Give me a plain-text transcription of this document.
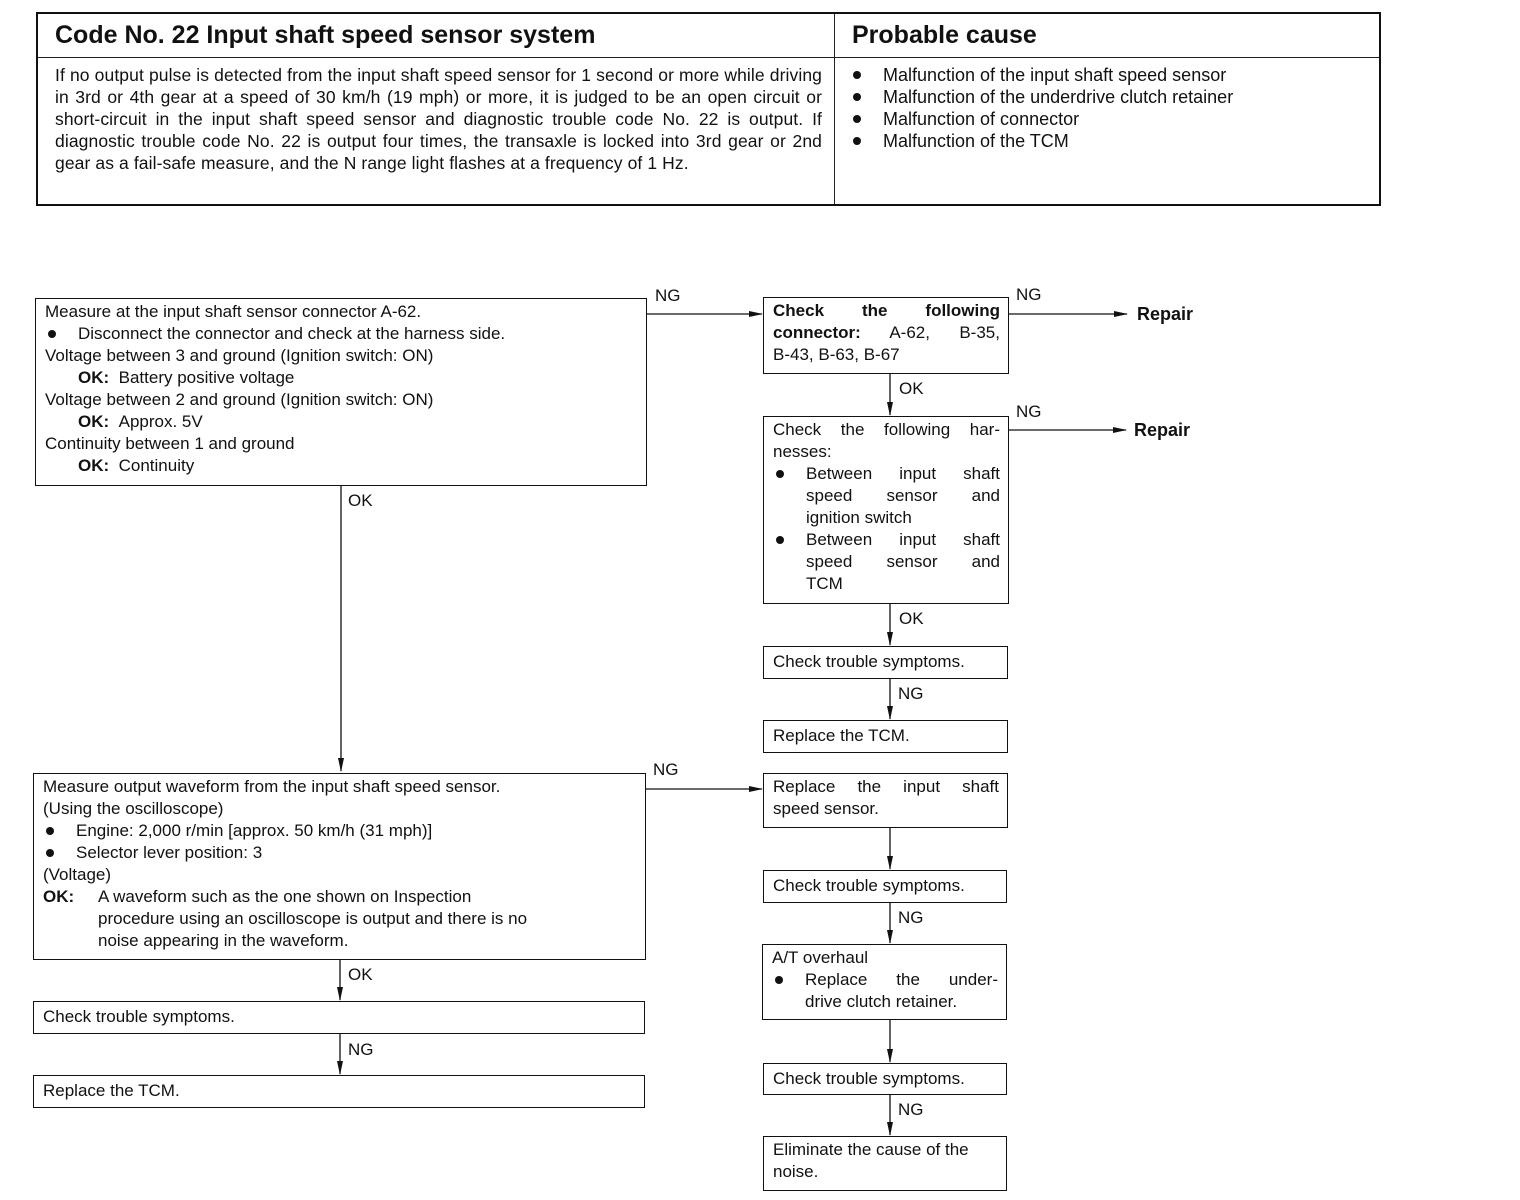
Code No. 22 Input shaft speed sensor system
If no output pulse is detected from the input shaft speed sensor for 1 second or more while driving in 3rd or 4th gear at a speed of 30 km/h (19 mph) or more, it is judged to be an open circuit or short-circuit in the input shaft speed sensor and diagnostic trouble code No. 22 is output. If diagnostic trouble code No. 22 is output four times, the transaxle is locked into 3rd gear or 2nd gear as a fail-safe measure, and the N range light flashes at a frequency of 1 Hz.
Probable cause
Malfunction of the input shaft speed sensor
Malfunction of the underdrive clutch retainer
Malfunction of connector
Malfunction of the TCM
Measure at the input shaft sensor connector A-62.
Disconnect the connector and check at the harness side.
Voltage between 3 and ground (Ignition switch: ON)
OK: Battery positive voltage
Voltage between 2 and ground (Ignition switch: ON)
OK: Approx. 5V
Continuity between 1 and ground
OK: Continuity
NG
OK
Check the following
connector: A-62, B-35,
B-43, B-63, B-67
NG
Repair
OK
Check the following har-
nesses:
Between input shaft
speed sensor and
ignition switch
Between input shaft
speed sensor and
TCM
NG
Repair
OK
Check trouble symptoms.
NG
Replace the TCM.
Measure output waveform from the input shaft speed sensor.
(Using the oscilloscope)
Engine: 2,000 r/min [approx. 50 km/h (31 mph)]
Selector lever position: 3
(Voltage)
OK: A waveform such as the one shown on Inspection
procedure using an oscilloscope is output and there is no
noise appearing in the waveform.
NG
OK
Replace the input shaft
speed sensor.
Check trouble symptoms.
NG
A/T overhaul
Replace the under-
drive clutch retainer.
Check trouble symptoms.
NG
Eliminate the cause of the
noise.
Check trouble symptoms.
NG
Replace the TCM.
